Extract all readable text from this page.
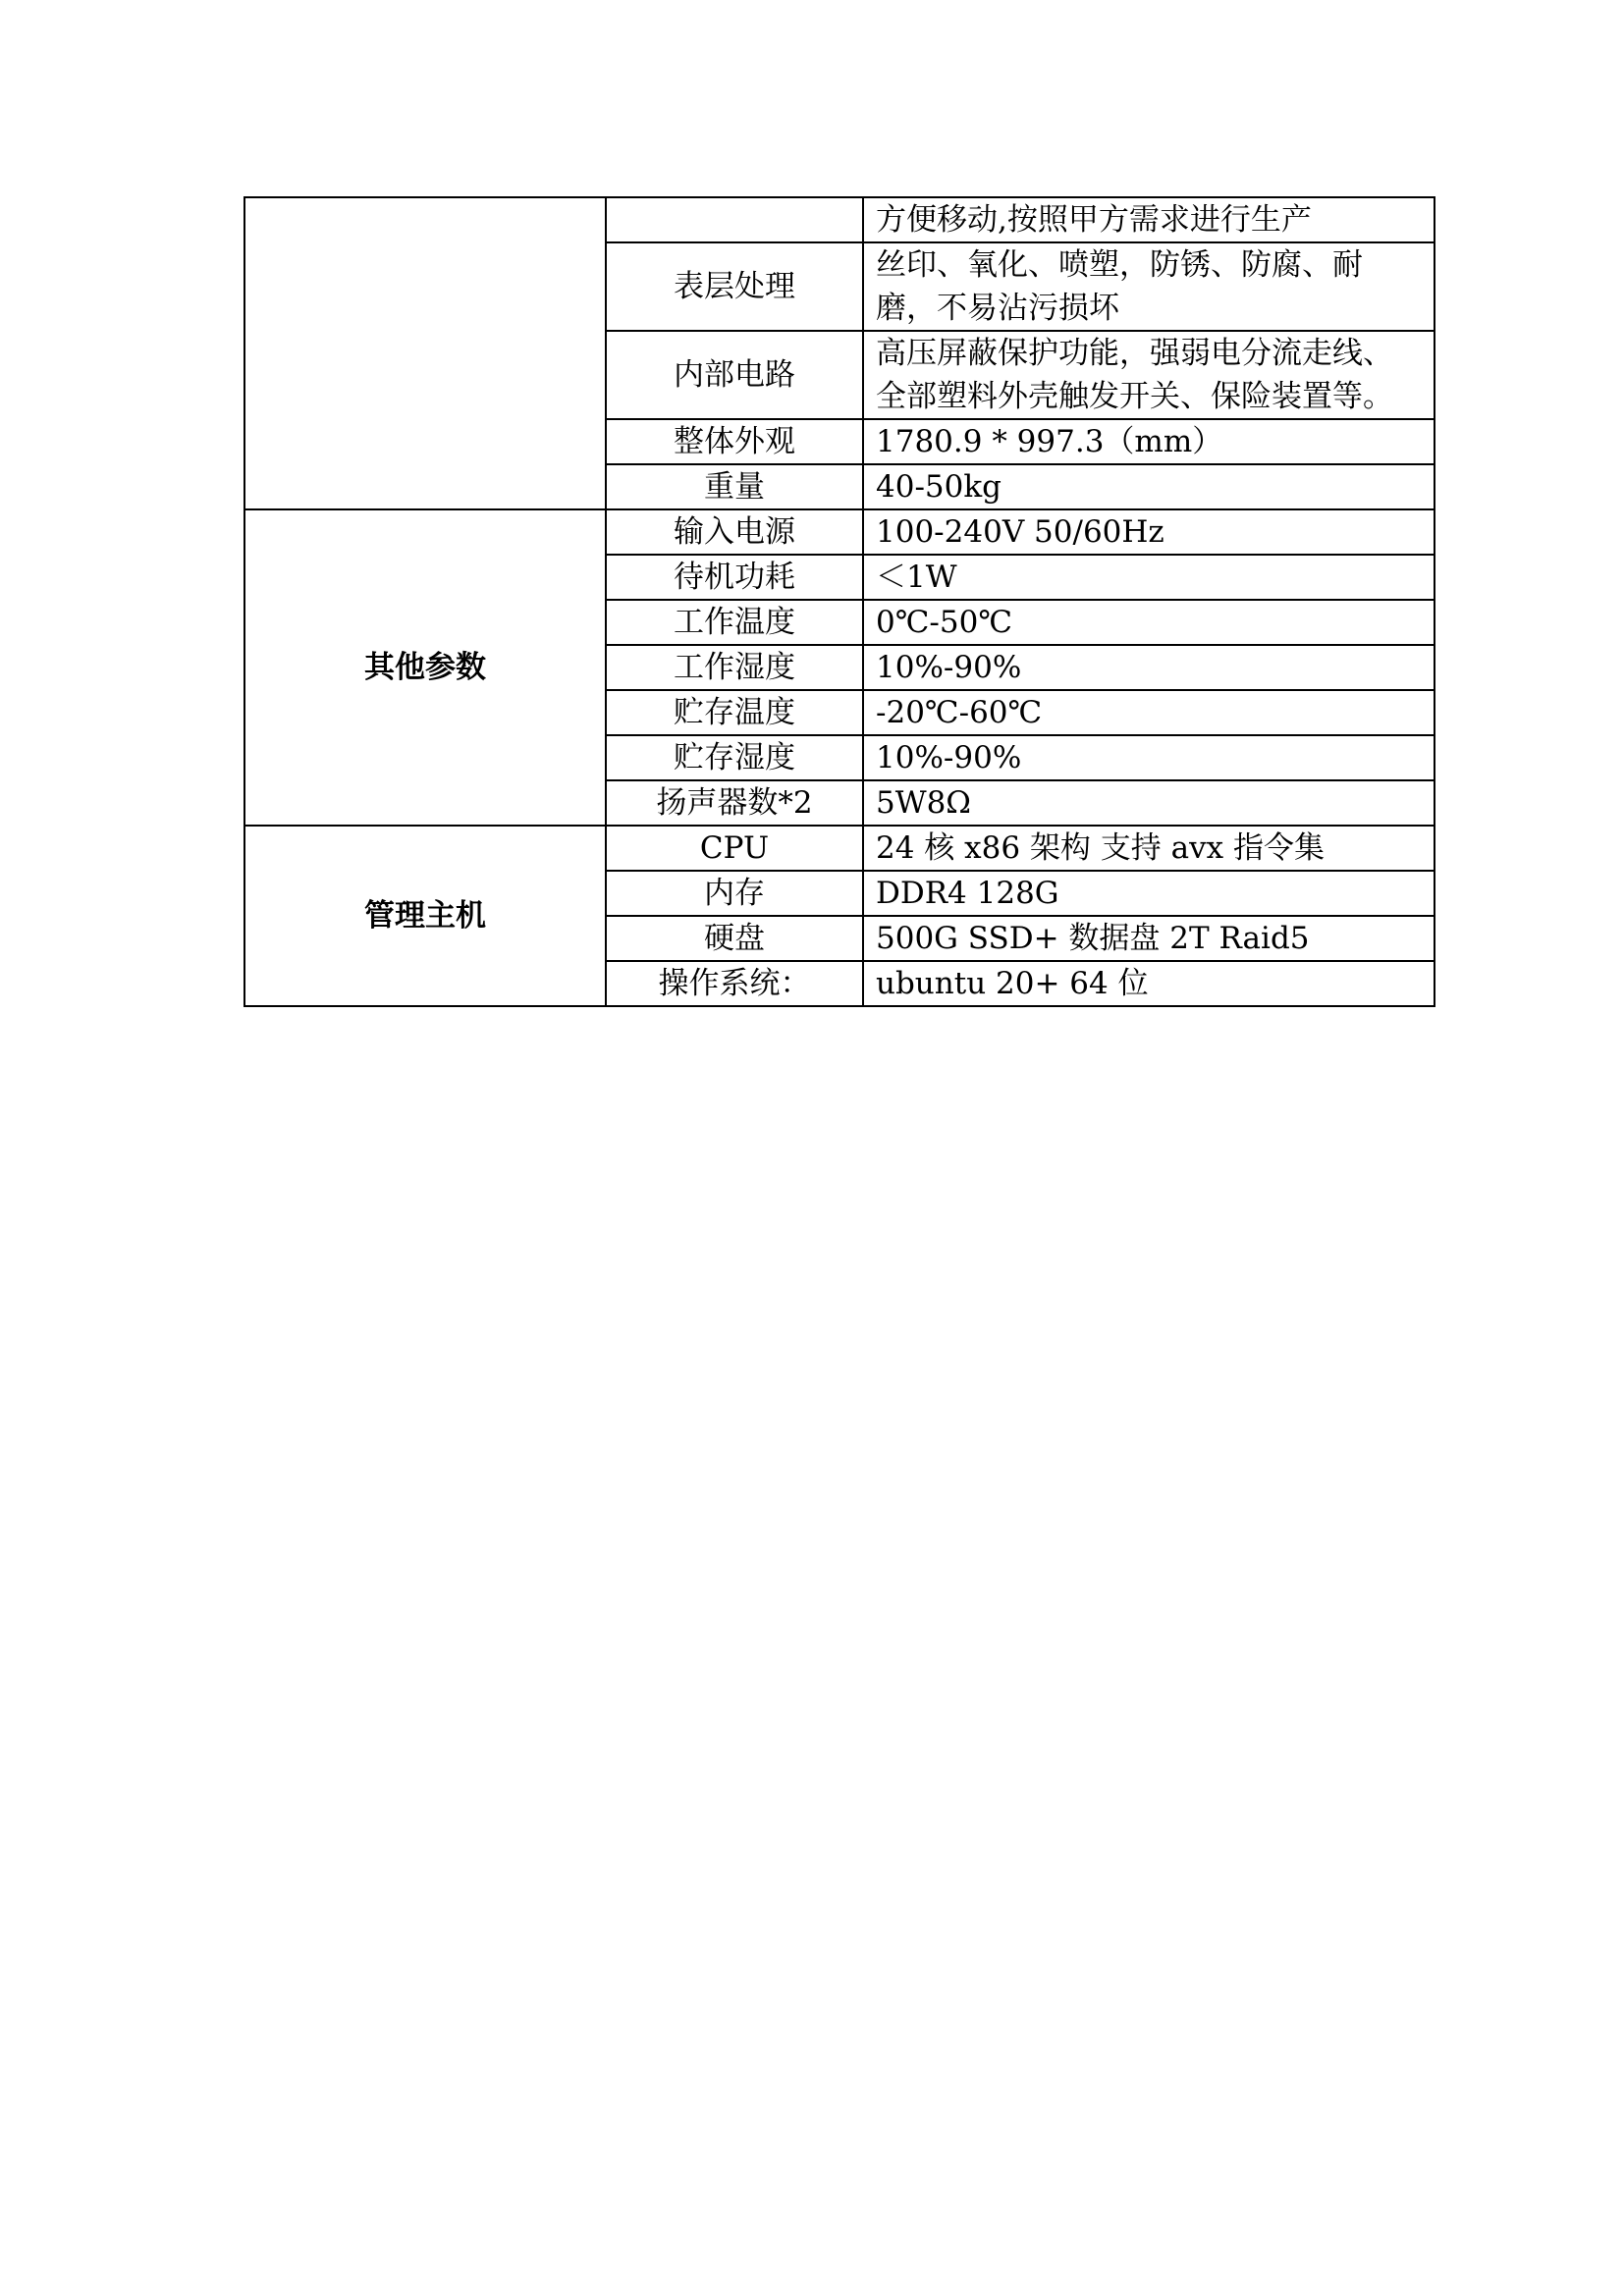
		方便移动,按照甲方需求进行生产
	表层处理	丝印、氧化、喷塑，防锈、防腐、耐磨，不易沾污损坏
	内部电路	高压屏蔽保护功能，强弱电分流走线、全部塑料外壳触发开关、保险装置等。
	整体外观	1780.9 * 997.3（mm）
	重量	40-50kg
其他参数	输入电源	100-240V 50/60Hz
	待机功耗	＜1W
	工作温度	0℃-50℃
	工作湿度	10%-90%
	贮存温度	-20℃-60℃
	贮存湿度	10%-90%
	扬声器数*2	5W8Ω
管理主机	CPU	24 核 x86 架构 支持 avx 指令集
	内存	DDR4 128G
	硬盘	500G SSD+ 数据盘 2T Raid5
	操作系统：	ubuntu 20+ 64 位
